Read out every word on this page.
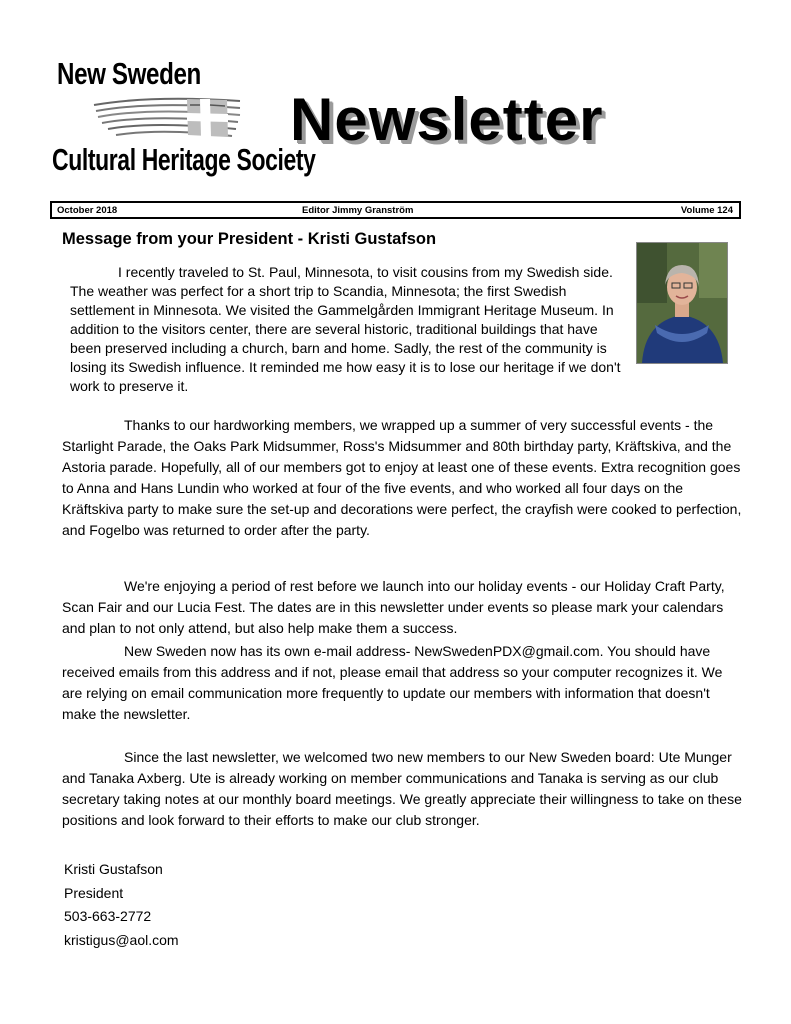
New Sweden
Cultural Heritage Society
Newsletter
October 2018	Editor Jimmy Granström	Volume 124
Message from your President - Kristi Gustafson
I recently traveled to St. Paul, Minnesota, to visit cousins from my Swedish side. The weather was perfect for a short trip to Scandia, Minnesota; the first Swedish settlement in Minnesota. We visited the Gammelgården Immigrant Heritage Museum. In addition to the visitors center, there are several historic, traditional buildings that have been preserved including a church, barn and home. Sadly, the rest of the community is losing its Swedish influence. It reminded me how easy it is to lose our heritage if we don't work to preserve it.
Thanks to our hardworking members, we wrapped up a summer of very successful events - the Starlight Parade, the Oaks Park Midsummer, Ross's Midsummer and 80th birthday party, Kräftskiva, and the Astoria parade. Hopefully, all of our members got to enjoy at least one of these events. Extra recognition goes to Anna and Hans Lundin who worked at four of the five events, and who worked all four days on the Kräftskiva party to make sure the set-up and decorations were perfect, the crayfish were cooked to perfection, and Fogelbo was returned to order after the party.
We're enjoying a period of rest before we launch into our holiday events - our Holiday Craft Party, Scan Fair and our Lucia Fest. The dates are in this newsletter under events so please mark your calendars and plan to not only attend, but also help make them a success.
New Sweden now has its own e-mail address- NewSwedenPDX@gmail.com. You should have received emails from this address and if not, please email that address so your computer recognizes it. We are relying on email communication more frequently to update our members with information that doesn't make the newsletter.
Since the last newsletter, we welcomed two new members to our New Sweden board: Ute Munger and Tanaka Axberg. Ute is already working on member communications and Tanaka is serving as our club secretary taking notes at our monthly board meetings. We greatly appreciate their willingness to take on these positions and look forward to their efforts to make our club stronger.
Kristi Gustafson
President
503-663-2772
kristigus@aol.com
